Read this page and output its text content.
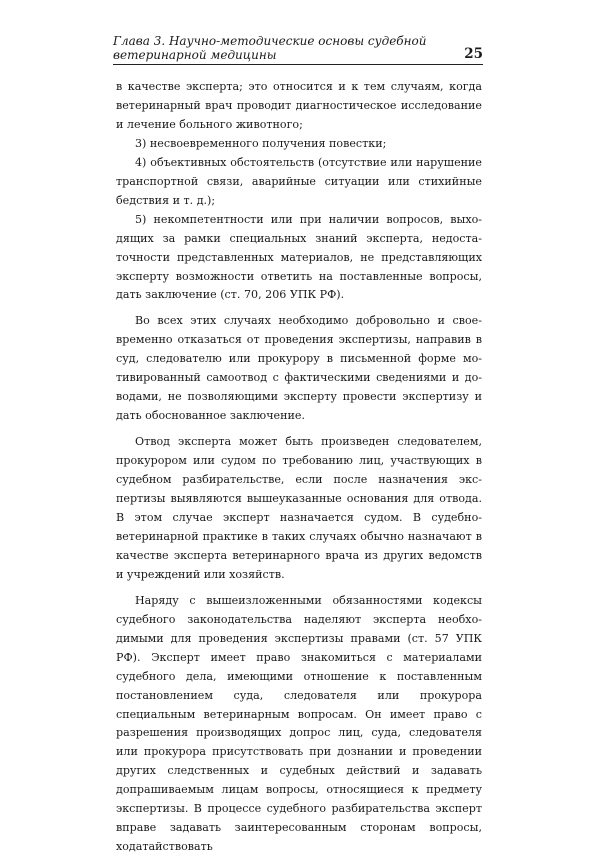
Глава 3. Научно-методические основы судебной ветеринарной медицины	25

в качестве эксперта; это относится и к тем случаям, когда ветеринарный врач проводит диагностическое исследование и лечение больного животного;

3) несвоевременного получения повестки;

4) объективных обстоятельств (отсутствие или нарушение транспортной связи, аварийные ситуации или стихийные бедствия и т. д.);

5) некомпетентности или при наличии вопросов, выходящих за рамки специальных знаний эксперта, недостаточности представленных материалов, не представляющих эксперту возможности ответить на поставленные вопросы, дать заключение (ст. 70, 206 УПК РФ).

Во всех этих случаях необходимо добровольно и своевременно отказаться от проведения экспертизы, направив в суд, следователю или прокурору в письменной форме мотивированный самоотвод с фактическими сведениями и доводами, не позволяющими эксперту провести экспертизу и дать обоснованное заключение.

Отвод эксперта может быть произведен следователем, прокурором или судом по требованию лиц, участвующих в судебном разбирательстве, если после назначения экспертизы выявляются вышеуказанные основания для отвода. В этом случае эксперт назначается судом. В судебно-ветеринарной практике в таких случаях обычно назначают в качестве эксперта ветеринарного врача из других ведомств и учреждений или хозяйств.

Наряду с вышеизложенными обязанностями кодексы судебного законодательства наделяют эксперта необходимыми для проведения экспертизы правами (ст. 57 УПК РФ). Эксперт имеет право знакомиться с материалами судебного дела, имеющими отношение к поставленным постановлением суда, следователя или прокурора специальным ветеринарным вопросам. Он имеет право с разрешения производящих допрос лиц, суда, следователя или прокурора присутствовать при дознании и проведении других следственных и судебных действий и задавать допрашиваемым лицам вопросы, относящиеся к предмету экспертизы. В процессе судебного разбирательства эксперт вправе задавать заинтересованным сторонам вопросы, ходатайствовать
